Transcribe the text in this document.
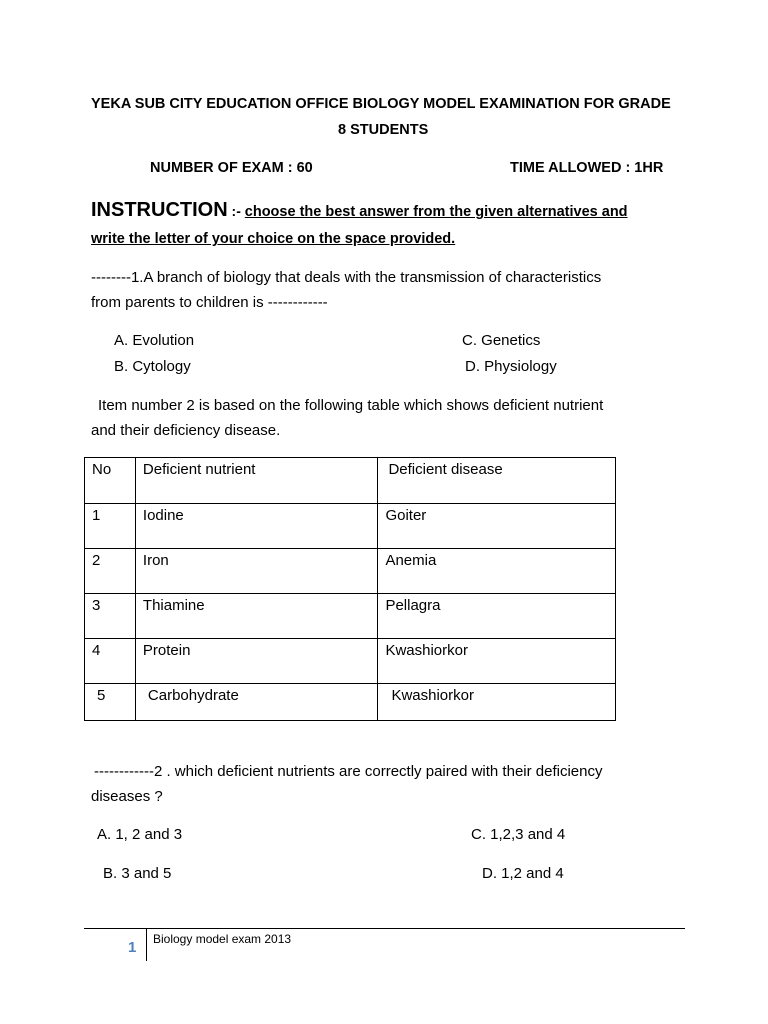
YEKA SUB CITY EDUCATION OFFICE BIOLOGY MODEL EXAMINATION FOR GRADE
8 STUDENTS
NUMBER OF EXAM : 60	TIME ALLOWED : 1HR
INSTRUCTION :- choose the best answer from the given alternatives and
write the letter of your choice on the space provided.
--------1.A branch of biology that deals with the transmission of characteristics
from parents to children is ------------
A. Evolution
B. Cytology
C. Genetics
D. Physiology
Item number 2 is based on the following table which shows deficient nutrient
and their deficiency disease.
No	Deficient nutrient	Deficient disease

1	Iodine	Goiter

2	Iron	Anemia

3	Thiamine	Pellagra

4	Protein	Kwashiorkor

5	Carbohydrate	Kwashiorkor
------------2 . which deficient nutrients are correctly paired with their deficiency
diseases ?
A. 1, 2 and 3
B. 3 and 5
C. 1,2,3 and 4
D. 1,2 and 4
1 Biology model exam 2013
